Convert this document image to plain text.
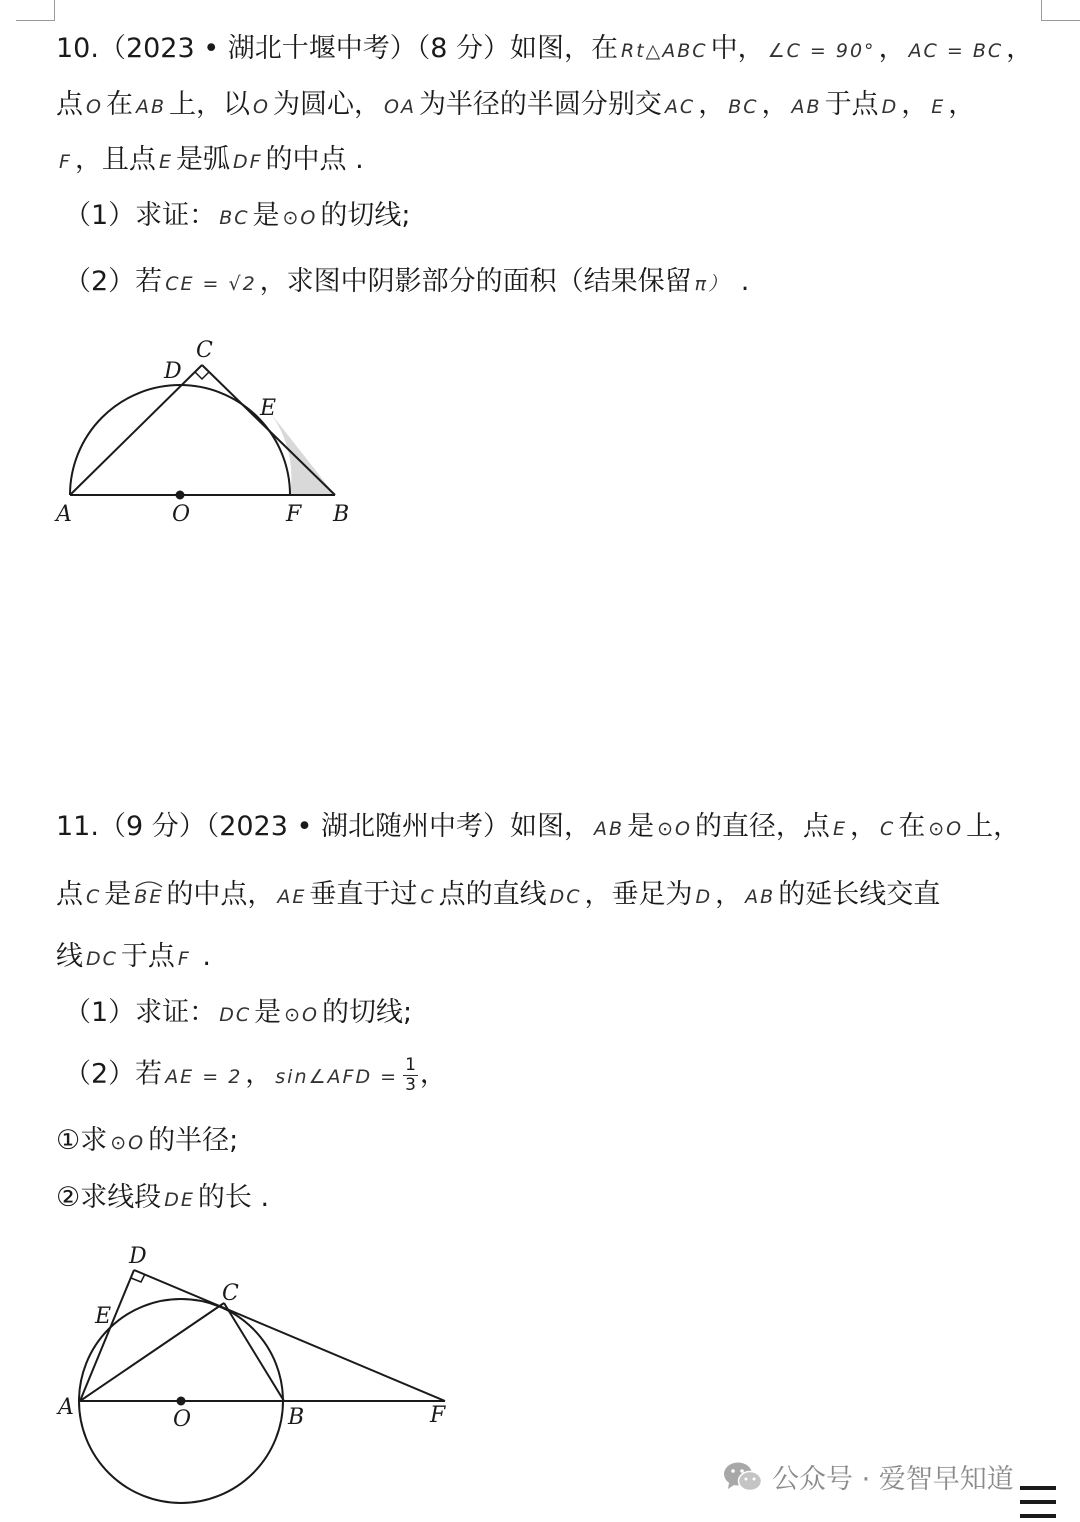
10.（2023 • 湖北十堰中考）（8 分）如图，在 Rt△ABC 中， ∠C = 90° ， AC = BC ，
点 O 在 AB 上，以 O 为圆心， OA 为半径的半圆分别交 AC ， BC ， AB 于点 D ， E ，
F ，且点 E 是弧 DF 的中点 .
（1）求证： BC 是 ⊙O 的切线;
（2）若 CE = √2 ，求图中阴影部分的面积（结果保留 π） .
A	O	F B
C
D
E
11.（9 分）（2023 • 湖北随州中考）如图， AB 是 ⊙O 的直径，点 E ， C 在 ⊙O 上，
点 C 是 BE 的中点， AE 垂直于过 C 点的直线 DC ，垂足为 D ， AB 的延长线交直
线 DC 于点 F .
（1）求证： DC 是 ⊙O 的切线;
（2）若 AE = 2 ， sin∠AFD = $\frac{1}{3}$ ，
①求 ⊙O 的半径;
②求线段 DE 的长 .
A	O	B	F
C
D
E
公众号 · 爱智早知道
